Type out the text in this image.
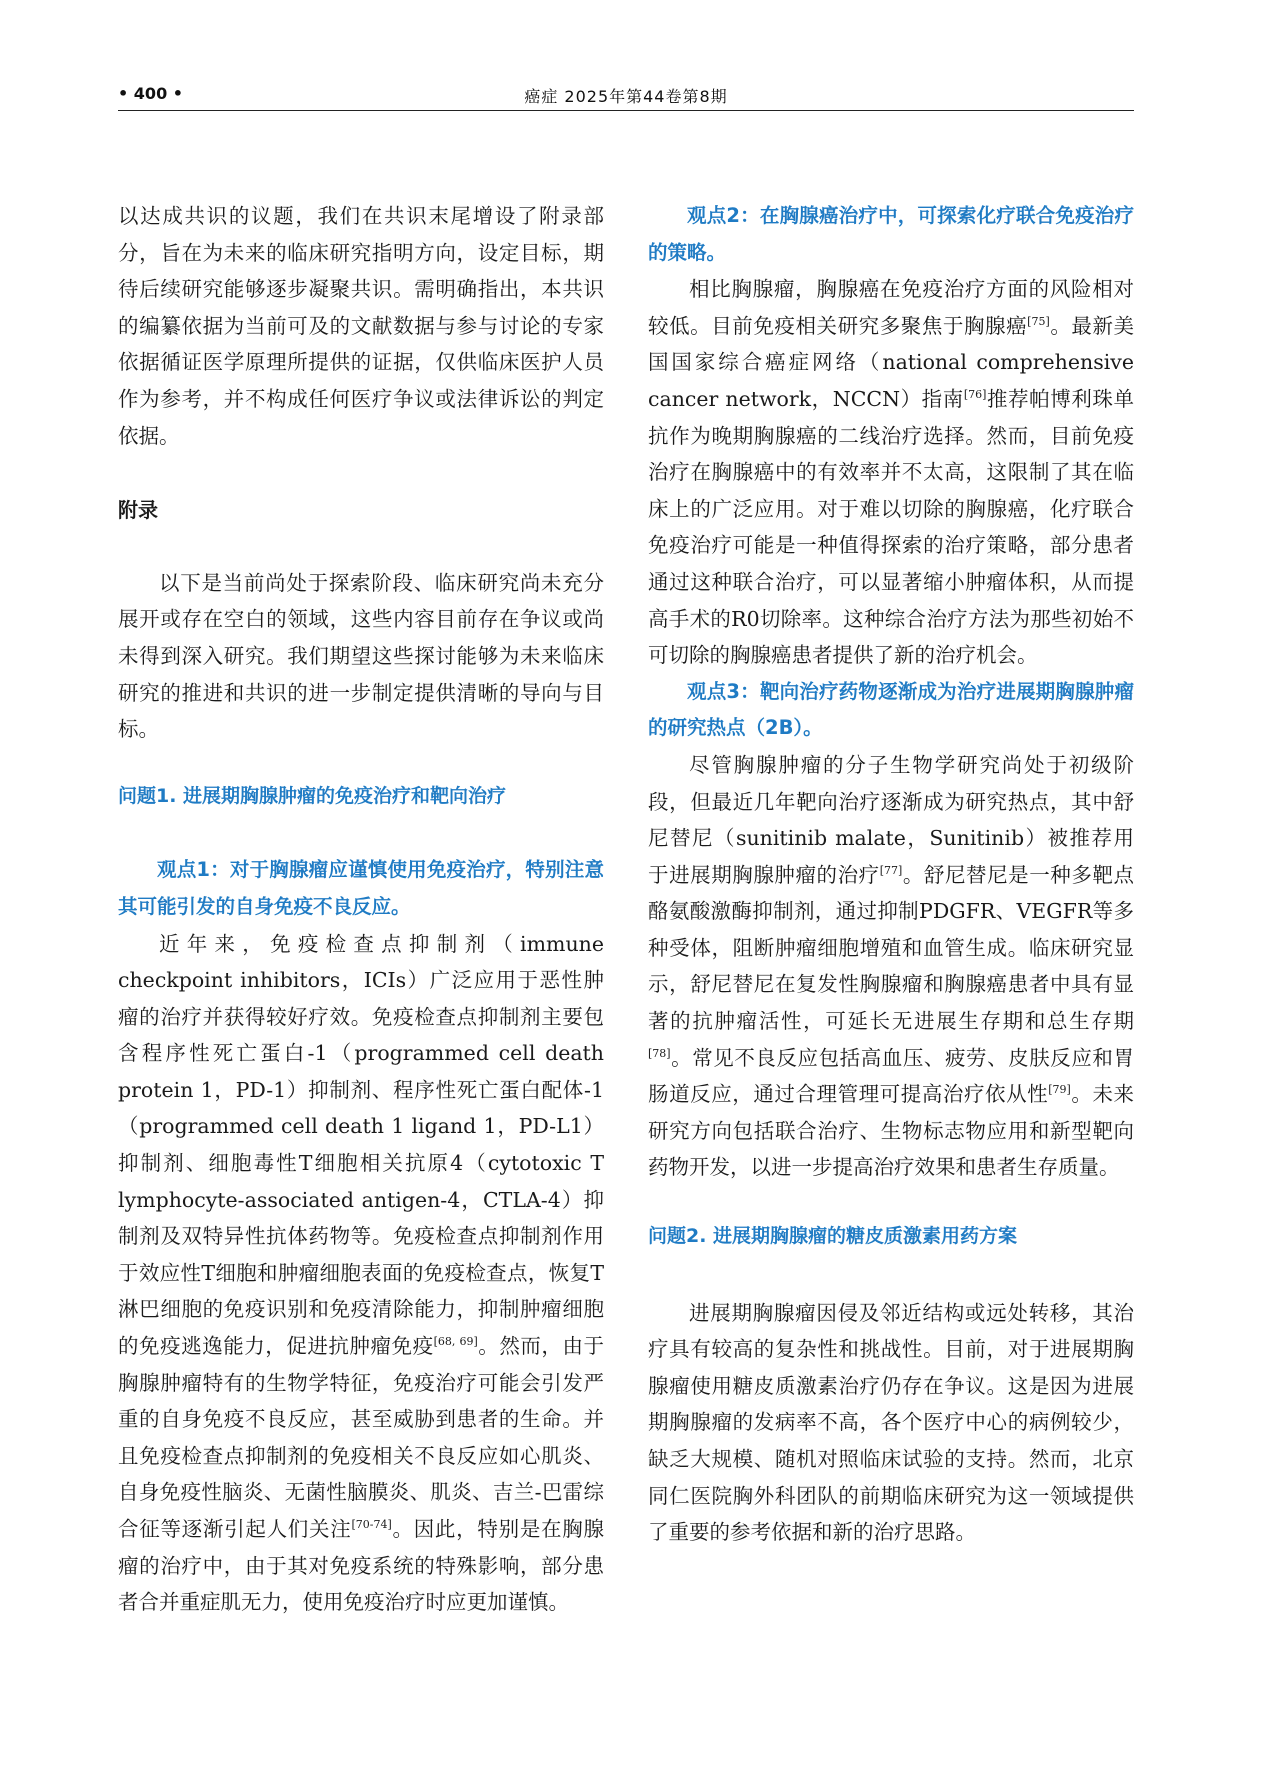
• 400 •	癌症 2025年第44卷第8期

以达成共识的议题，我们在共识末尾增设了附录部分，旨在为未来的临床研究指明方向，设定目标，期待后续研究能够逐步凝聚共识。需明确指出，本共识的编纂依据为当前可及的文献数据与参与讨论的专家依据循证医学原理所提供的证据，仅供临床医护人员作为参考，并不构成任何医疗争议或法律诉讼的判定依据。

附录

以下是当前尚处于探索阶段、临床研究尚未充分展开或存在空白的领域，这些内容目前存在争议或尚未得到深入研究。我们期望这些探讨能够为未来临床研究的推进和共识的进一步制定提供清晰的导向与目标。

问题1. 进展期胸腺肿瘤的免疫治疗和靶向治疗

观点1：对于胸腺瘤应谨慎使用免疫治疗，特别注意其可能引发的自身免疫不良反应。

近年来，免疫检查点抑制剂（immune checkpoint inhibitors，ICIs）广泛应用于恶性肿瘤的治疗并获得较好疗效。免疫检查点抑制剂主要包含程序性死亡蛋白-1（programmed cell death protein 1，PD-1）抑制剂、程序性死亡蛋白配体-1（programmed cell death 1 ligand 1，PD-L1）抑制剂、细胞毒性T细胞相关抗原4（cytotoxic T lymphocyte-associated antigen-4，CTLA-4）抑制剂及双特异性抗体药物等。免疫检查点抑制剂作用于效应性T细胞和肿瘤细胞表面的免疫检查点，恢复T淋巴细胞的免疫识别和免疫清除能力，抑制肿瘤细胞的免疫逃逸能力，促进抗肿瘤免疫[68, 69]。然而，由于胸腺肿瘤特有的生物学特征，免疫治疗可能会引发严重的自身免疫不良反应，甚至威胁到患者的生命。并且免疫检查点抑制剂的免疫相关不良反应如心肌炎、自身免疫性脑炎、无菌性脑膜炎、肌炎、吉兰-巴雷综合征等逐渐引起人们关注[70-74]。因此，特别是在胸腺瘤的治疗中，由于其对免疫系统的特殊影响，部分患者合并重症肌无力，使用免疫治疗时应更加谨慎。

观点2：在胸腺癌治疗中，可探索化疗联合免疫治疗的策略。

相比胸腺瘤，胸腺癌在免疫治疗方面的风险相对较低。目前免疫相关研究多聚焦于胸腺癌[75]。最新美国国家综合癌症网络（national comprehensive cancer network，NCCN）指南[76]推荐帕博利珠单抗作为晚期胸腺癌的二线治疗选择。然而，目前免疫治疗在胸腺癌中的有效率并不太高，这限制了其在临床上的广泛应用。对于难以切除的胸腺癌，化疗联合免疫治疗可能是一种值得探索的治疗策略，部分患者通过这种联合治疗，可以显著缩小肿瘤体积，从而提高手术的R0切除率。这种综合治疗方法为那些初始不可切除的胸腺癌患者提供了新的治疗机会。

观点3：靶向治疗药物逐渐成为治疗进展期胸腺肿瘤的研究热点（2B）。

尽管胸腺肿瘤的分子生物学研究尚处于初级阶段，但最近几年靶向治疗逐渐成为研究热点，其中舒尼替尼（sunitinib malate，Sunitinib）被推荐用于进展期胸腺肿瘤的治疗[77]。舒尼替尼是一种多靶点酪氨酸激酶抑制剂，通过抑制PDGFR、VEGFR等多种受体，阻断肿瘤细胞增殖和血管生成。临床研究显示，舒尼替尼在复发性胸腺瘤和胸腺癌患者中具有显著的抗肿瘤活性，可延长无进展生存期和总生存期[78]。常见不良反应包括高血压、疲劳、皮肤反应和胃肠道反应，通过合理管理可提高治疗依从性[79]。未来研究方向包括联合治疗、生物标志物应用和新型靶向药物开发，以进一步提高治疗效果和患者生存质量。

问题2. 进展期胸腺瘤的糖皮质激素用药方案

进展期胸腺瘤因侵及邻近结构或远处转移，其治疗具有较高的复杂性和挑战性。目前，对于进展期胸腺瘤使用糖皮质激素治疗仍存在争议。这是因为进展期胸腺瘤的发病率不高，各个医疗中心的病例较少，缺乏大规模、随机对照临床试验的支持。然而，北京同仁医院胸外科团队的前期临床研究为这一领域提供了重要的参考依据和新的治疗思路。
